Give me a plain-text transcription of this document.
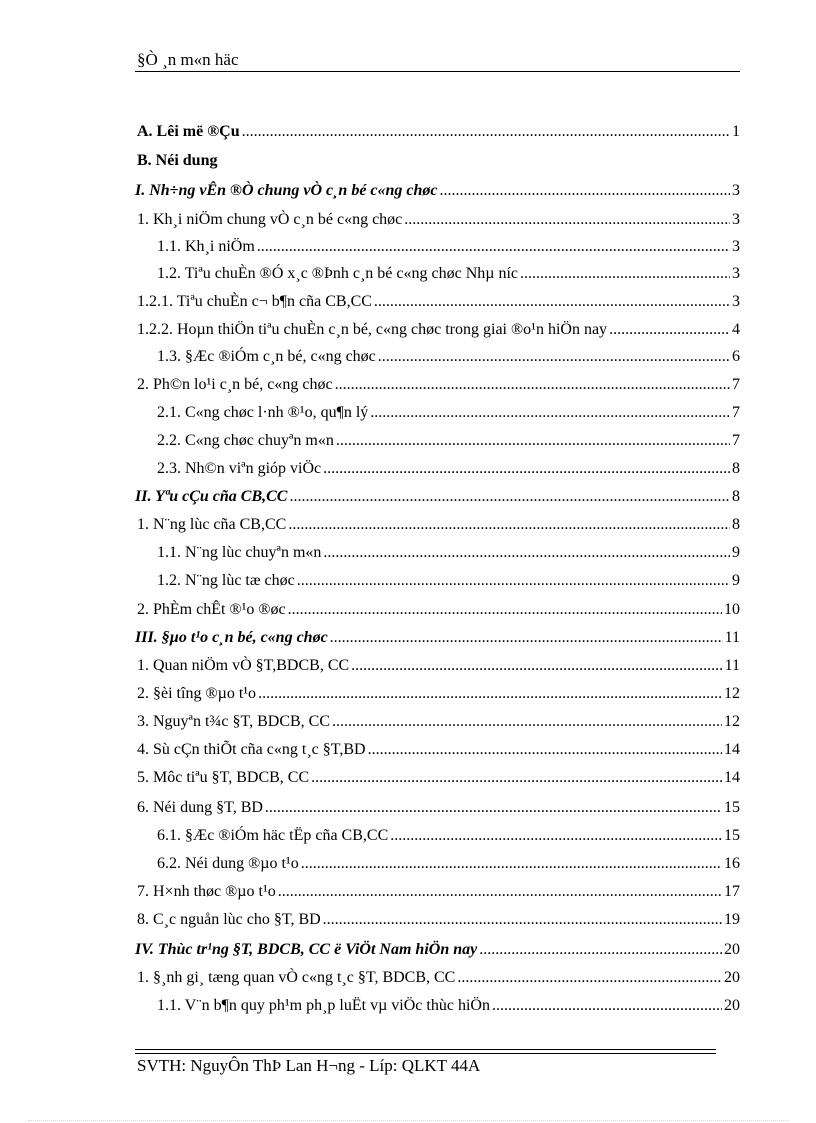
§Ò ¸n m«n häc
A. Lêi më ®Çu .....	1
B. Néi dung
I. Nh÷ng vÊn ®Ò chung vÒ c¸n bé c«ng chøc .....	3
1. Kh¸i niÖm chung vÒ c¸n bé c«ng chøc .....	3
1.1. Kh¸i niÖm .....	3
1.2. Tiªu chuÈn ®Ó x¸c ®Þnh c¸n bé c«ng chøc Nhµ níc .....	3
1.2.1. Tiªu chuÈn c¬ b¶n cña CB,CC .....	3
1.2.2. Hoµn thiÖn tiªu chuÈn c¸n bé, c«ng chøc trong giai ®o¹n hiÖn nay .....	4
1.3. §Æc ®iÓm c¸n bé, c«ng chøc .....	6
2. Ph©n lo¹i c¸n bé, c«ng chøc .....	7
2.1. C«ng chøc l·nh ®¹o, qu¶n lý .....	7
2.2. C«ng chøc chuyªn m«n .....	7
2.3. Nh©n viªn gióp viÖc .....	8
II. Yªu cÇu cña CB,CC .....	8
1. N¨ng lùc cña CB,CC .....	8
1.1. N¨ng lùc chuyªn m«n .....	9
1.2. N¨ng lùc tæ chøc .....	9
2. PhÈm chÊt ®¹o ®øc .....	10
III. §µo t¹o c¸n bé, c«ng chøc .....	11
1. Quan niÖm vÒ §T,BDCB, CC .....	11
2. §èi tîng ®µo t¹o .....	12
3. Nguyªn t¾c §T, BDCB, CC .....	12
4. Sù cÇn thiÕt cña c«ng t¸c §T,BD .....	14
5. Môc tiªu §T, BDCB, CC .....	14
6. Néi dung §T, BD .....	15
6.1. §Æc ®iÓm häc tËp cña CB,CC .....	15
6.2. Néi dung ®µo t¹o .....	16
7. H×nh thøc ®µo t¹o .....	17
8. C¸c nguån lùc cho §T, BD .....	19
IV. Thùc tr¹ng §T, BDCB, CC ë ViÖt Nam hiÖn nay .....	20
1. §¸nh gi¸ tæng quan vÒ c«ng t¸c §T, BDCB, CC .....	20
1.1. V¨n b¶n quy ph¹m ph¸p luËt vµ viÖc thùc hiÖn .....	20
SVTH: NguyÔn ThÞ Lan H¬ng - Líp: QLKT 44A
